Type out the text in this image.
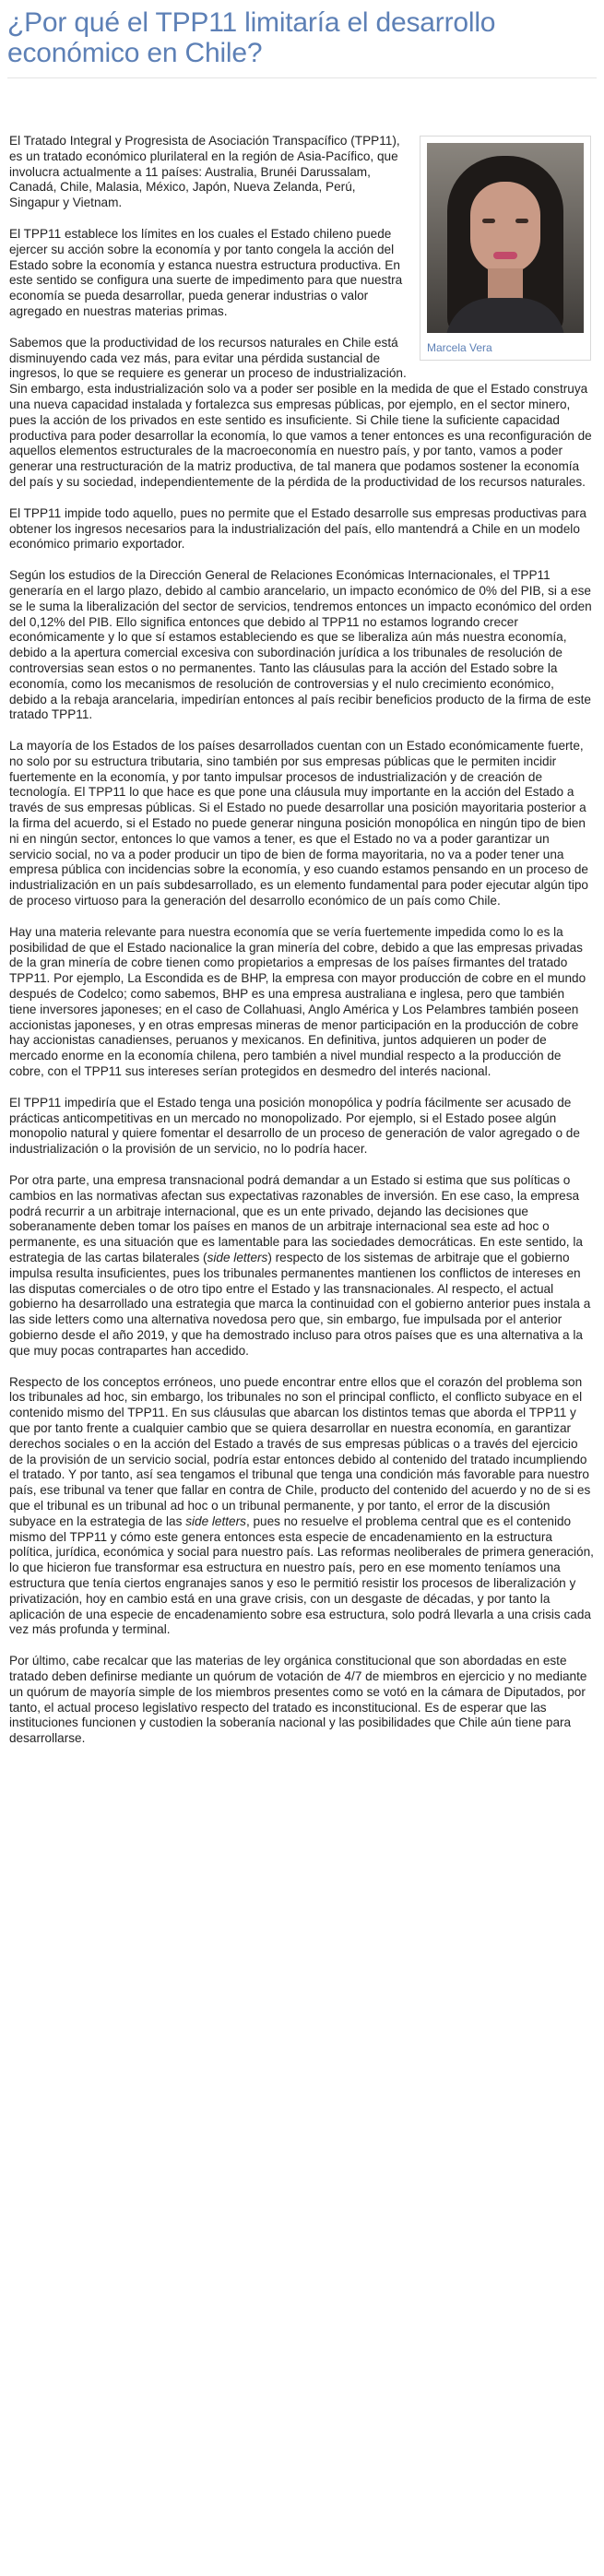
¿Por qué el TPP11 limitaría el desarrollo económico en Chile?
Marcela Vera

El Tratado Integral y Progresista de Asociación Transpacífico (TPP11), es un tratado económico plurilateral en la región de Asia-Pacífico, que involucra actualmente a 11 países: Australia, Brunéi Darussalam, Canadá, Chile, Malasia, México, Japón, Nueva Zelanda, Perú, Singapur y Vietnam.

El TPP11 establece los límites en los cuales el Estado chileno puede ejercer su acción sobre la economía y por tanto congela la acción del Estado sobre la economía y estanca nuestra estructura productiva. En este sentido se configura una suerte de impedimento para que nuestra economía se pueda desarrollar, pueda generar industrias o valor agregado en nuestras materias primas.

Sabemos que la productividad de los recursos naturales en Chile está disminuyendo cada vez más, para evitar una pérdida sustancial de ingresos, lo que se requiere es generar un proceso de industrialización. Sin embargo, esta industrialización solo va a poder ser posible en la medida de que el Estado construya una nueva capacidad instalada y fortalezca sus empresas públicas, por ejemplo, en el sector minero, pues la acción de los privados en este sentido es insuficiente. Si Chile tiene la suficiente capacidad productiva para poder desarrollar la economía, lo que vamos a tener entonces es una reconfiguración de aquellos elementos estructurales de la macroeconomía en nuestro país, y por tanto, vamos a poder generar una restructuración de la matriz productiva, de tal manera que podamos sostener la economía del país y su sociedad, independientemente de la pérdida de la productividad de los recursos naturales.

El TPP11 impide todo aquello, pues no permite que el Estado desarrolle sus empresas productivas para obtener los ingresos necesarios para la industrialización del país, ello mantendrá a Chile en un modelo económico primario exportador.

Según los estudios de la Dirección General de Relaciones Económicas Internacionales, el TPP11 generaría en el largo plazo, debido al cambio arancelario, un impacto económico de 0% del PIB, si a ese se le suma la liberalización del sector de servicios, tendremos entonces un impacto económico del orden del 0,12% del PIB. Ello significa entonces que debido al TPP11 no estamos logrando crecer económicamente y lo que sí estamos estableciendo es que se liberaliza aún más nuestra economía, debido a la apertura comercial excesiva con subordinación jurídica a los tribunales de resolución de controversias sean estos o no permanentes. Tanto las cláusulas para la acción del Estado sobre la economía, como los mecanismos de resolución de controversias y el nulo crecimiento económico, debido a la rebaja arancelaria, impedirían entonces al país recibir beneficios producto de la firma de este tratado TPP11.

La mayoría de los Estados de los países desarrollados cuentan con un Estado económicamente fuerte, no solo por su estructura tributaria, sino también por sus empresas públicas que le permiten incidir fuertemente en la economía, y por tanto impulsar procesos de industrialización y de creación de tecnología. El TPP11 lo que hace es que pone una cláusula muy importante en la acción del Estado a través de sus empresas públicas. Si el Estado no puede desarrollar una posición mayoritaria posterior a la firma del acuerdo, si el Estado no puede generar ninguna posición monopólica en ningún tipo de bien ni en ningún sector, entonces lo que vamos a tener, es que el Estado no va a poder garantizar un servicio social, no va a poder producir un tipo de bien de forma mayoritaria, no va a poder tener una empresa pública con incidencias sobre la economía, y eso cuando estamos pensando en un proceso de industrialización en un país subdesarrollado, es un elemento fundamental para poder ejecutar algún tipo de proceso virtuoso para la generación del desarrollo económico de un país como Chile.

Hay una materia relevante para nuestra economía que se vería fuertemente impedida como lo es la posibilidad de que el Estado nacionalice la gran minería del cobre, debido a que las empresas privadas de la gran minería de cobre tienen como propietarios a empresas de los países firmantes del tratado TPP11. Por ejemplo, La Escondida es de BHP, la empresa con mayor producción de cobre en el mundo después de Codelco; como sabemos, BHP es una empresa australiana e inglesa, pero que también tiene inversores japoneses; en el caso de Collahuasi, Anglo América y Los Pelambres también poseen accionistas japoneses, y en otras empresas mineras de menor participación en la producción de cobre hay accionistas canadienses, peruanos y mexicanos. En definitiva, juntos adquieren un poder de mercado enorme en la economía chilena, pero también a nivel mundial respecto a la producción de cobre, con el TPP11 sus intereses serían protegidos en desmedro del interés nacional.

El TPP11 impediría que el Estado tenga una posición monopólica y podría fácilmente ser acusado de prácticas anticompetitivas en un mercado no monopolizado. Por ejemplo, si el Estado posee algún monopolio natural y quiere fomentar el desarrollo de un proceso de generación de valor agregado o de industrialización o la provisión de un servicio, no lo podría hacer.

Por otra parte, una empresa transnacional podrá demandar a un Estado si estima que sus políticas o cambios en las normativas afectan sus expectativas razonables de inversión. En ese caso, la empresa podrá recurrir a un arbitraje internacional, que es un ente privado, dejando las decisiones que soberanamente deben tomar los países en manos de un arbitraje internacional sea este ad hoc o permanente, es una situación que es lamentable para las sociedades democráticas. En este sentido, la estrategia de las cartas bilaterales (side letters) respecto de los sistemas de arbitraje que el gobierno impulsa resulta insuficientes, pues los tribunales permanentes mantienen los conflictos de intereses en las disputas comerciales o de otro tipo entre el Estado y las transnacionales. Al respecto, el actual gobierno ha desarrollado una estrategia que marca la continuidad con el gobierno anterior pues instala a las side letters como una alternativa novedosa pero que, sin embargo, fue impulsada por el anterior gobierno desde el año 2019, y que ha demostrado incluso para otros países que es una alternativa a la que muy pocas contrapartes han accedido.

Respecto de los conceptos erróneos, uno puede encontrar entre ellos que el corazón del problema son los tribunales ad hoc, sin embargo, los tribunales no son el principal conflicto, el conflicto subyace en el contenido mismo del TPP11. En sus cláusulas que abarcan los distintos temas que aborda el TPP11 y que por tanto frente a cualquier cambio que se quiera desarrollar en nuestra economía, en garantizar derechos sociales o en la acción del Estado a través de sus empresas públicas o a través del ejercicio de la provisión de un servicio social, podría estar entonces debido al contenido del tratado incumpliendo el tratado. Y por tanto, así sea tengamos el tribunal que tenga una condición más favorable para nuestro país, ese tribunal va tener que fallar en contra de Chile, producto del contenido del acuerdo y no de si es que el tribunal es un tribunal ad hoc o un tribunal permanente, y por tanto, el error de la discusión subyace en la estrategia de las side letters, pues no resuelve el problema central que es el contenido mismo del TPP11 y cómo este genera entonces esta especie de encadenamiento en la estructura política, jurídica, económica y social para nuestro país. Las reformas neoliberales de primera generación, lo que hicieron fue transformar esa estructura en nuestro país, pero en ese momento teníamos una estructura que tenía ciertos engranajes sanos y eso le permitió resistir los procesos de liberalización y privatización, hoy en cambio está en una grave crisis, con un desgaste de décadas, y por tanto la aplicación de una especie de encadenamiento sobre esa estructura, solo podrá llevarla a una crisis cada vez más profunda y terminal.

Por último, cabe recalcar que las materias de ley orgánica constitucional que son abordadas en este tratado deben definirse mediante un quórum de votación de 4/7 de miembros en ejercicio y no mediante un quórum de mayoría simple de los miembros presentes como se votó en la cámara de Diputados, por tanto, el actual proceso legislativo respecto del tratado es inconstitucional. Es de esperar que las instituciones funcionen y custodien la soberanía nacional y las posibilidades que Chile aún tiene para desarrollarse.
